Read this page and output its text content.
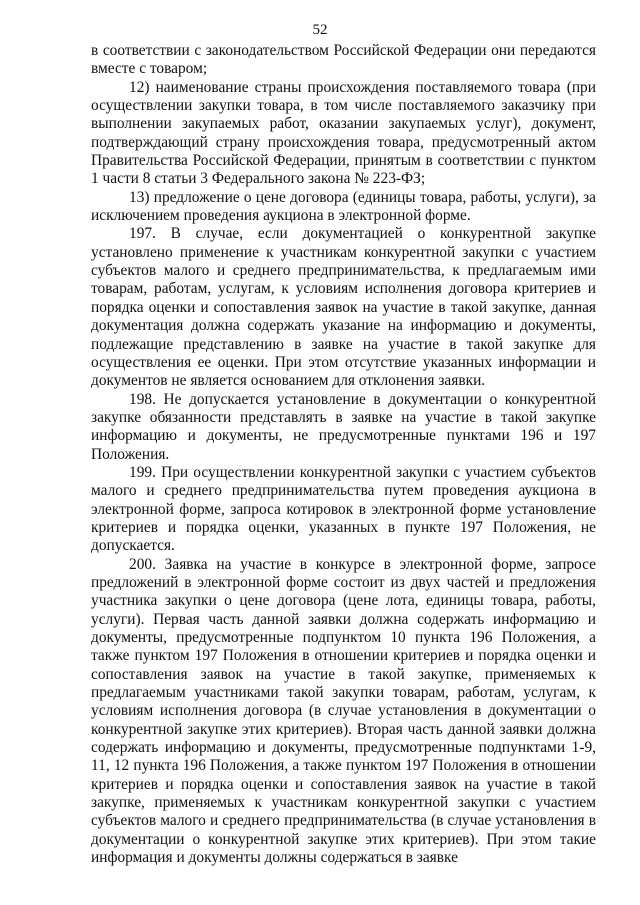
52

в соответствии с законодательством Российской Федерации они передаются вместе с товаром;

12) наименование страны происхождения поставляемого товара (при осуществлении закупки товара, в том числе поставляемого заказчику при выполнении закупаемых работ, оказании закупаемых услуг), документ, подтверждающий страну происхождения товара, предусмотренный актом Правительства Российской Федерации, принятым в соответствии с пунктом 1 части 8 статьи 3 Федерального закона № 223-ФЗ;

13) предложение о цене договора (единицы товара, работы, услуги), за исключением проведения аукциона в электронной форме.

197. В случае, если документацией о конкурентной закупке установлено применение к участникам конкурентной закупки с участием субъектов малого и среднего предпринимательства, к предлагаемым ими товарам, работам, услугам, к условиям исполнения договора критериев и порядка оценки и сопоставления заявок на участие в такой закупке, данная документация должна содержать указание на информацию и документы, подлежащие представлению в заявке на участие в такой закупке для осуществления ее оценки. При этом отсутствие указанных информации и документов не является основанием для отклонения заявки.

198. Не допускается установление в документации о конкурентной закупке обязанности представлять в заявке на участие в такой закупке информацию и документы, не предусмотренные пунктами 196 и 197 Положения.

199. При осуществлении конкурентной закупки с участием субъектов малого и среднего предпринимательства путем проведения аукциона в электронной форме, запроса котировок в электронной форме установление критериев и порядка оценки, указанных в пункте 197 Положения, не допускается.

200. Заявка на участие в конкурсе в электронной форме, запросе предложений в электронной форме состоит из двух частей и предложения участника закупки о цене договора (цене лота, единицы товара, работы, услуги). Первая часть данной заявки должна содержать информацию и документы, предусмотренные подпунктом 10 пункта 196 Положения, а также пунктом 197 Положения в отношении критериев и порядка оценки и сопоставления заявок на участие в такой закупке, применяемых к предлагаемым участниками такой закупки товарам, работам, услугам, к условиям исполнения договора (в случае установления в документации о конкурентной закупке этих критериев). Вторая часть данной заявки должна содержать информацию и документы, предусмотренные подпунктами 1-9, 11, 12 пункта 196 Положения, а также пунктом 197 Положения в отношении критериев и порядка оценки и сопоставления заявок на участие в такой закупке, применяемых к участникам конкурентной закупки с участием субъектов малого и среднего предпринимательства (в случае установления в документации о конкурентной закупке этих критериев). При этом такие информация и документы должны содержаться в заявке
